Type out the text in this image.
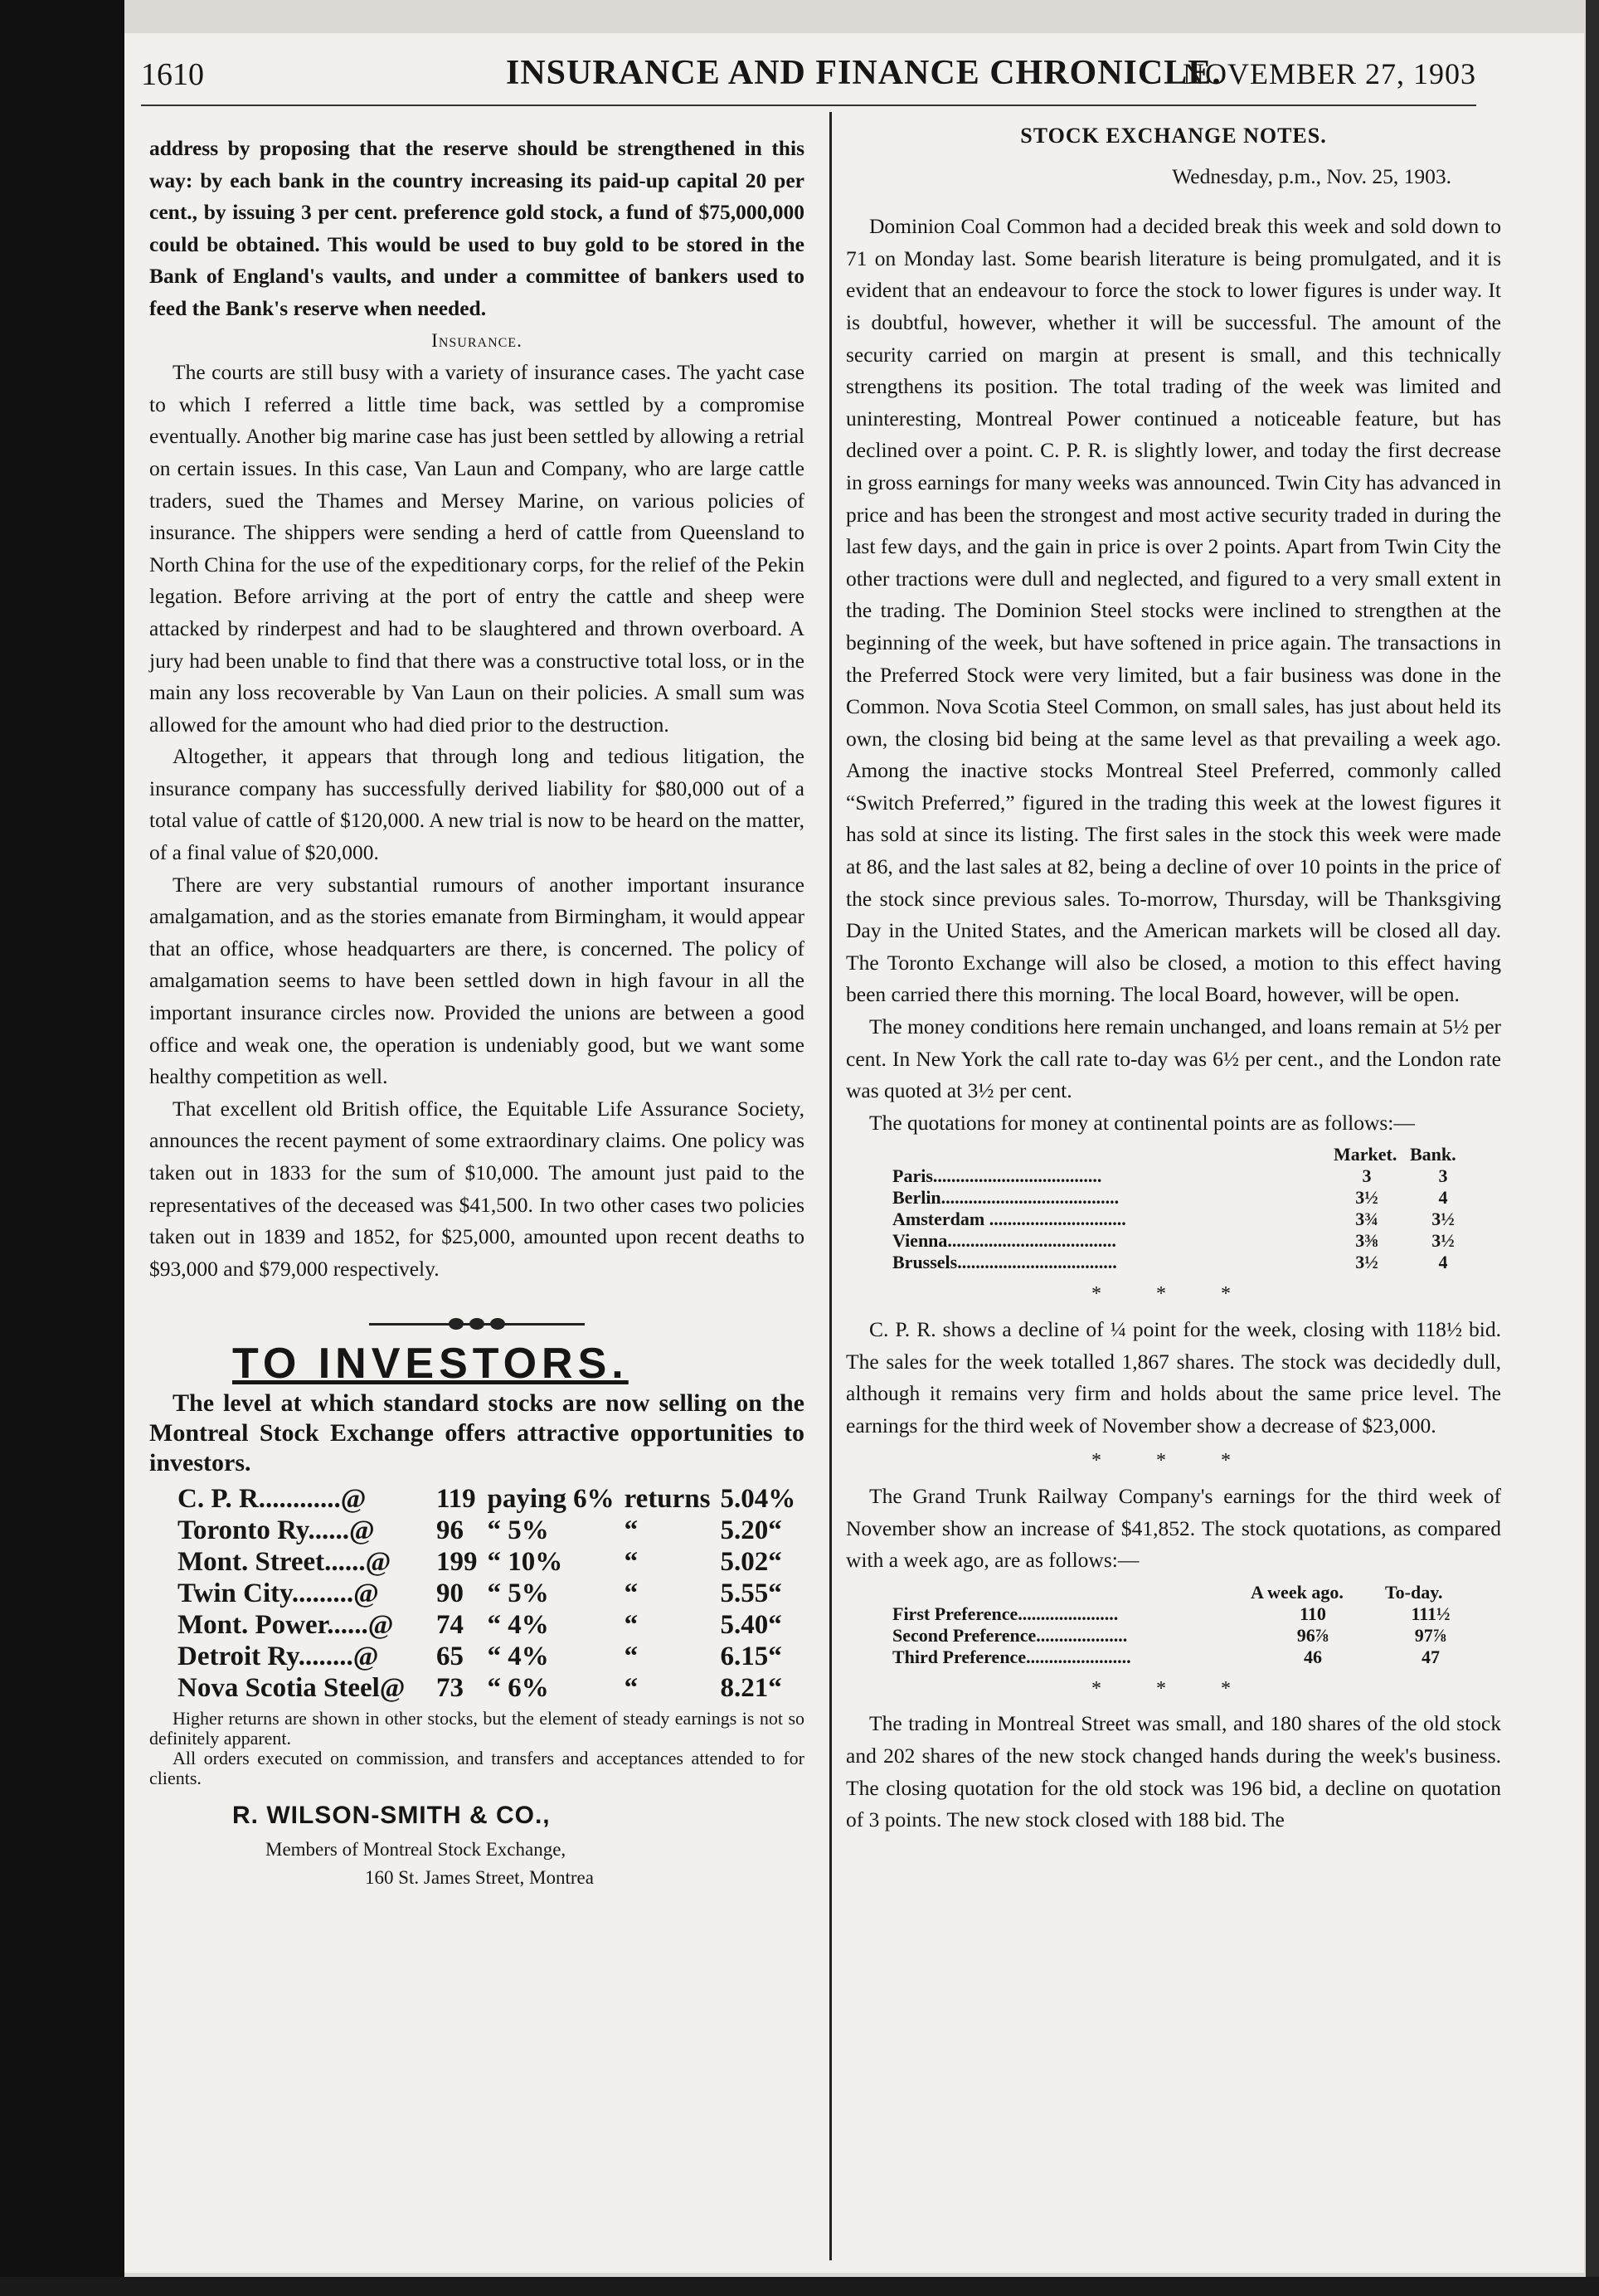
1610	INSURANCE AND FINANCE CHRONICLE.
NOVEMBER 27, 1903

address by proposing that the reserve should be strengthened in this way: by each bank in the country increasing its paid-up capital 20 per cent., by issuing 3 per cent. preference gold stock, a fund of $75,000,000 could be obtained. This would be used to buy gold to be stored in the Bank of England's vaults, and under a committee of bankers used to feed the Bank's reserve when needed.

Insurance.

The courts are still busy with a variety of insurance cases. The yacht case to which I referred a little time back, was settled by a compromise eventually. Another big marine case has just been settled by allowing a retrial on certain issues. In this case, Van Laun and Company, who are large cattle traders, sued the Thames and Mersey Marine, on various policies of insurance. The shippers were sending a herd of cattle from Queensland to North China for the use of the expeditionary corps, for the relief of the Pekin legation. Before arriving at the port of entry the cattle and sheep were attacked by rinderpest and had to be slaughtered and thrown overboard. A jury had been unable to find that there was a constructive total loss, or in the main any loss recoverable by Van Laun on their policies. A small sum was allowed for the amount who had died prior to the destruction.

Altogether, it appears that through long and tedious litigation, the insurance company has successfully derived liability for $80,000 out of a total value of cattle of $120,000. A new trial is now to be heard on the matter, of a final value of $20,000.

There are very substantial rumours of another important insurance amalgamation, and as the stories emanate from Birmingham, it would appear that an office, whose headquarters are there, is concerned. The policy of amalgamation seems to have been settled down in high favour in all the important insurance circles now. Provided the unions are between a good office and weak one, the operation is undeniably good, but we want some healthy competition as well.

That excellent old British office, the Equitable Life Assurance Society, announces the recent payment of some extraordinary claims. One policy was taken out in 1833 for the sum of $10,000. The amount just paid to the representatives of the deceased was $41,500. In two other cases two policies taken out in 1839 and 1852, for $25,000, amounted upon recent deaths to $93,000 and $79,000 respectively.

TO INVESTORS.

The level at which standard stocks are now selling on the Montreal Stock Exchange offers attractive opportunities to investors.

C. P. R............@	119	paying 6%	returns	5.04%
Toronto Ry......@	96	“ 5%	“	5.20“
Mont. Street......@	199	“ 10%	“	5.02“
Twin City.........@	90	“ 5%	“	5.55“
Mont. Power......@	74	“ 4%	“	5.40“
Detroit Ry........@	65	“ 4%	“	6.15“
Nova Scotia Steel@	73	“ 6%	“	8.21“

Higher returns are shown in other stocks, but the element of steady earnings is not so definitely apparent.

All orders executed on commission, and transfers and acceptances attended to for clients.

R. WILSON-SMITH & CO.,
Members of Montreal Stock Exchange,
160 St. James Street, Montrea
STOCK EXCHANGE NOTES.
Wednesday, p.m., Nov. 25, 1903.

Dominion Coal Common had a decided break this week and sold down to 71 on Monday last. Some bearish literature is being promulgated, and it is evident that an endeavour to force the stock to lower figures is under way. It is doubtful, however, whether it will be successful. The amount of the security carried on margin at present is small, and this technically strengthens its position. The total trading of the week was limited and uninteresting, Montreal Power continued a noticeable feature, but has declined over a point. C. P. R. is slightly lower, and today the first decrease in gross earnings for many weeks was announced. Twin City has advanced in price and has been the strongest and most active security traded in during the last few days, and the gain in price is over 2 points. Apart from Twin City the other tractions were dull and neglected, and figured to a very small extent in the trading. The Dominion Steel stocks were inclined to strengthen at the beginning of the week, but have softened in price again. The transactions in the Preferred Stock were very limited, but a fair business was done in the Common. Nova Scotia Steel Common, on small sales, has just about held its own, the closing bid being at the same level as that prevailing a week ago. Among the inactive stocks Montreal Steel Preferred, commonly called “Switch Preferred,” figured in the trading this week at the lowest figures it has sold at since its listing. The first sales in the stock this week were made at 86, and the last sales at 82, being a decline of over 10 points in the price of the stock since previous sales. To-morrow, Thursday, will be Thanksgiving Day in the United States, and the American markets will be closed all day. The Toronto Exchange will also be closed, a motion to this effect having been carried there this morning. The local Board, however, will be open.

The money conditions here remain unchanged, and loans remain at 5½ per cent. In New York the call rate to-day was 6½ per cent., and the London rate was quoted at 3½ per cent.

The quotations for money at continental points are as follows:—

	Market.	Bank.
Paris.....................................	3	3
Berlin.......................................	3½	4
Amsterdam ..............................	3¾	3½
Vienna.....................................	3⅜	3½
Brussels...................................	3½	4
* * *

C. P. R. shows a decline of ¼ point for the week, closing with 118½ bid. The sales for the week totalled 1,867 shares. The stock was decidedly dull, although it remains very firm and holds about the same price level. The earnings for the third week of November show a decrease of $23,000.

* * *

The Grand Trunk Railway Company's earnings for the third week of November show an increase of $41,852. The stock quotations, as compared with a week ago, are as follows:—

	A week ago.	To-day.
First Preference......................	110	111½
Second Preference....................	96⅞	97⅞
Third Preference.......................	46	47
* * *

The trading in Montreal Street was small, and 180 shares of the old stock and 202 shares of the new stock changed hands during the week's business. The closing quotation for the old stock was 196 bid, a decline on quotation of 3 points. The new stock closed with 188 bid. The
